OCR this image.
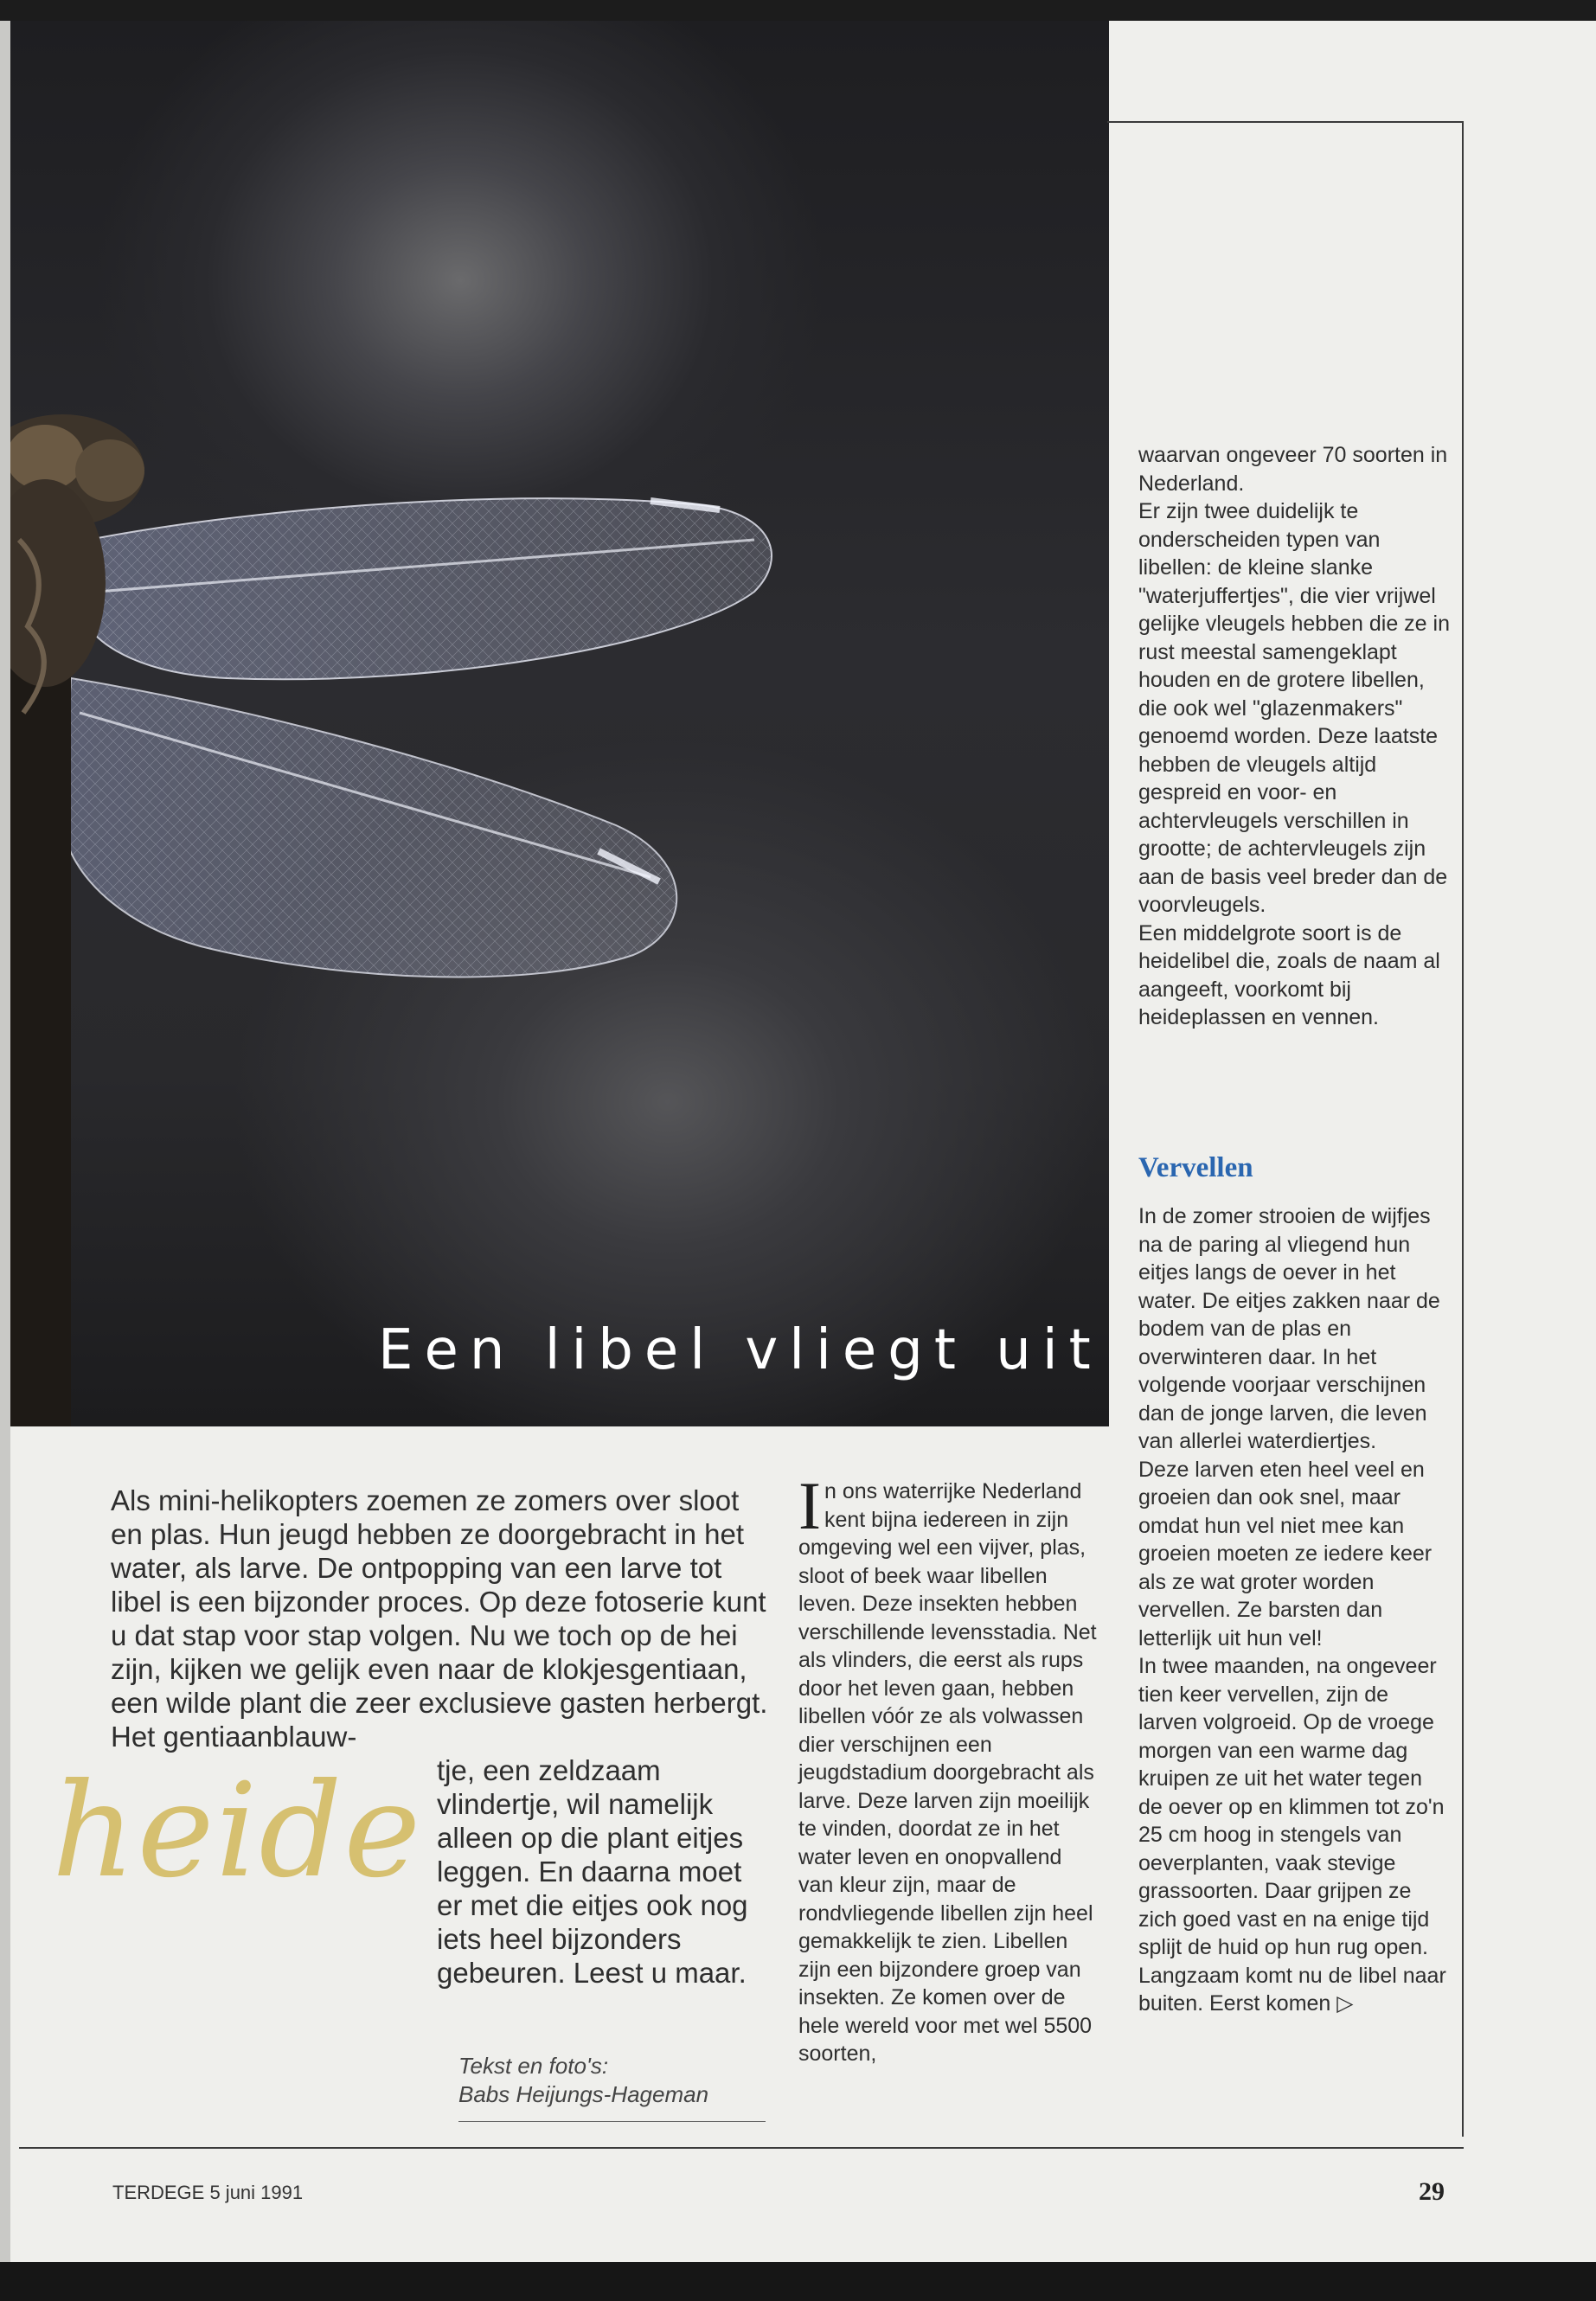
Een libel vliegt uit
Als mini-helikopters zoemen ze zomers over sloot en plas. Hun jeugd hebben ze doorgebracht in het water, als larve. De ontpopping van een larve tot libel is een bijzonder proces. Op deze fotoserie kunt u dat stap voor stap volgen. Nu we toch op de hei zijn, kijken we gelijk even naar de klokjesgentiaan, een wilde plant die zeer exclusieve gasten herbergt. Het gentiaanblauw-
tje, een zeldzaam vlindertje, wil namelijk alleen op die plant eitjes leggen. En daarna moet er met die eitjes ook nog iets heel bijzonders gebeuren. Leest u maar.
heide
Tekst en foto's:
Babs Heijungs-Hageman
I n ons waterrijke Nederland kent bijna iedereen in zijn omgeving wel een vijver, plas, sloot of beek waar libellen leven. Deze insekten hebben verschillende levensstadia. Net als vlinders, die eerst als rups door het leven gaan, hebben libellen vóór ze als volwassen dier verschijnen een jeugdstadium doorgebracht als larve. Deze larven zijn moeilijk te vinden, doordat ze in het water leven en onopvallend van kleur zijn, maar de rondvliegende libellen zijn heel gemakkelijk te zien. Libellen zijn een bijzondere groep van insekten. Ze komen over de hele wereld voor met wel 5500 soorten,

waarvan ongeveer 70 soorten in Nederland.

Er zijn twee duidelijk te onderscheiden typen van libellen: de kleine slanke "waterjuffertjes", die vier vrijwel gelijke vleugels hebben die ze in rust meestal samengeklapt houden en de grotere libellen, die ook wel "glazenmakers" genoemd worden. Deze laatste hebben de vleugels altijd gespreid en voor- en achtervleugels verschillen in grootte; de achtervleugels zijn aan de basis veel breder dan de voorvleugels.

Een middelgrote soort is de heidelibel die, zoals de naam al aangeeft, voorkomt bij heideplassen en vennen.

Vervellen

In de zomer strooien de wijfjes na de paring al vliegend hun eitjes langs de oever in het water. De eitjes zakken naar de bodem van de plas en overwinteren daar. In het volgende voorjaar verschijnen dan de jonge larven, die leven van allerlei waterdiertjes.

Deze larven eten heel veel en groeien dan ook snel, maar omdat hun vel niet mee kan groeien moeten ze iedere keer als ze wat groter worden vervellen. Ze barsten dan letterlijk uit hun vel!

In twee maanden, na ongeveer tien keer vervellen, zijn de larven volgroeid. Op de vroege morgen van een warme dag kruipen ze uit het water tegen de oever op en klimmen tot zo'n 25 cm hoog in stengels van oeverplanten, vaak stevige grassoorten. Daar grijpen ze zich goed vast en na enige tijd splijt de huid op hun rug open.

Langzaam komt nu de libel naar buiten. Eerst komen ▷

TERDEGE 5 juni 1991	29
